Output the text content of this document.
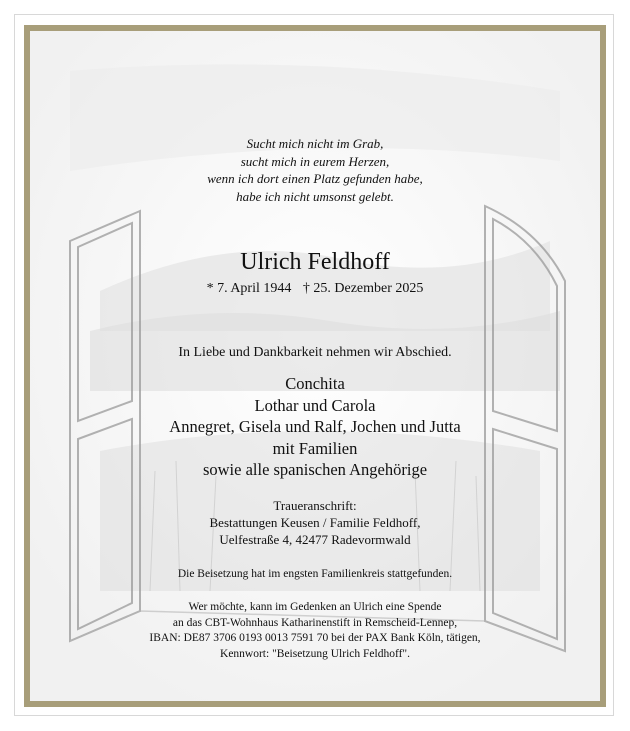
Sucht mich nicht im Grab,
sucht mich in eurem Herzen,
wenn ich dort einen Platz gefunden habe,
habe ich nicht umsonst gelebt.
Ulrich Feldhoff
* 7. April 1944 † 25. Dezember 2025
In Liebe und Dankbarkeit nehmen wir Abschied.
Conchita
Lothar und Carola
Annegret, Gisela und Ralf, Jochen und Jutta
mit Familien
sowie alle spanischen Angehörige
Traueranschrift:
Bestattungen Keusen / Familie Feldhoff,
Uelfestraße 4, 42477 Radevormwald
Die Beisetzung hat im engsten Familienkreis stattgefunden.
Wer möchte, kann im Gedenken an Ulrich eine Spende
an das CBT-Wohnhaus Katharinenstift in Remscheid-Lennep,
IBAN: DE87 3706 0193 0013 7591 70 bei der PAX Bank Köln, tätigen,
Kennwort: "Beisetzung Ulrich Feldhoff".
